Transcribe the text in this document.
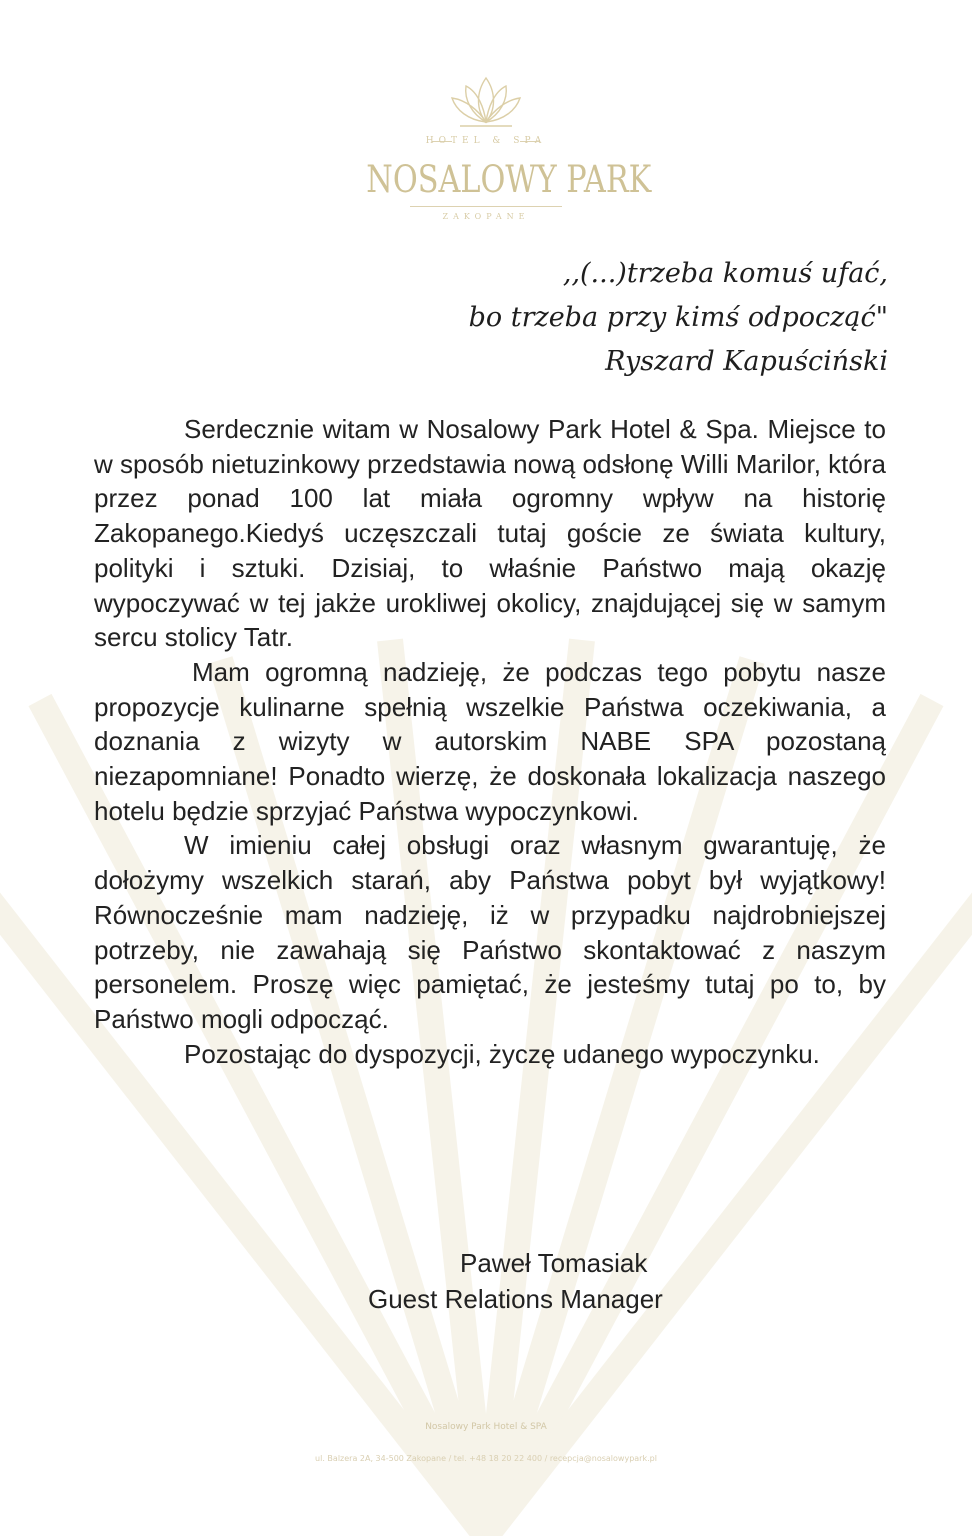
HOTEL & SPA
NOSALOWY PARK
ZAKOPANE
,,(...)trzeba komuś ufać,
bo trzeba przy kimś odpocząć"
Ryszard Kapuściński

Serdecznie witam w Nosalowy Park Hotel & Spa. Miejsce to w sposób nietuzinkowy przedstawia nową odsłonę Willi Marilor, która przez ponad 100 lat miała ogromny wpływ na historię Zakopanego.Kiedyś uczęszczali tutaj goście ze świata kultury, polityki i sztuki. Dzisiaj, to właśnie Państwo mają okazję wypoczywać w tej jakże urokliwej okolicy, znajdującej się w samym sercu stolicy Tatr.

Mam ogromną nadzieję, że podczas tego pobytu nasze propozycje kulinarne spełnią wszelkie Państwa oczekiwania, a doznania z wizyty w autorskim NABE SPA pozostaną niezapomniane! Ponadto wierzę, że doskonała lokalizacja naszego hotelu będzie sprzyjać Państwa wypoczynkowi.

W imieniu całej obsługi oraz własnym gwarantuję, że dołożymy wszelkich starań, aby Państwa pobyt był wyjątkowy! Równocześnie mam nadzieję, iż w przypadku najdrobniejszej potrzeby, nie zawahają się Państwo skontaktować z naszym personelem. Proszę więc pamiętać, że jesteśmy tutaj po to, by Państwo mogli odpocząć.

Pozostając do dyspozycji, życzę udanego wypoczynku.

Paweł Tomasiak
Guest Relations Manager
Nosalowy Park Hotel & SPA
ul. Balzera 2A, 34-500 Zakopane / tel. +48 18 20 22 400 / recepcja@nosalowypark.pl
